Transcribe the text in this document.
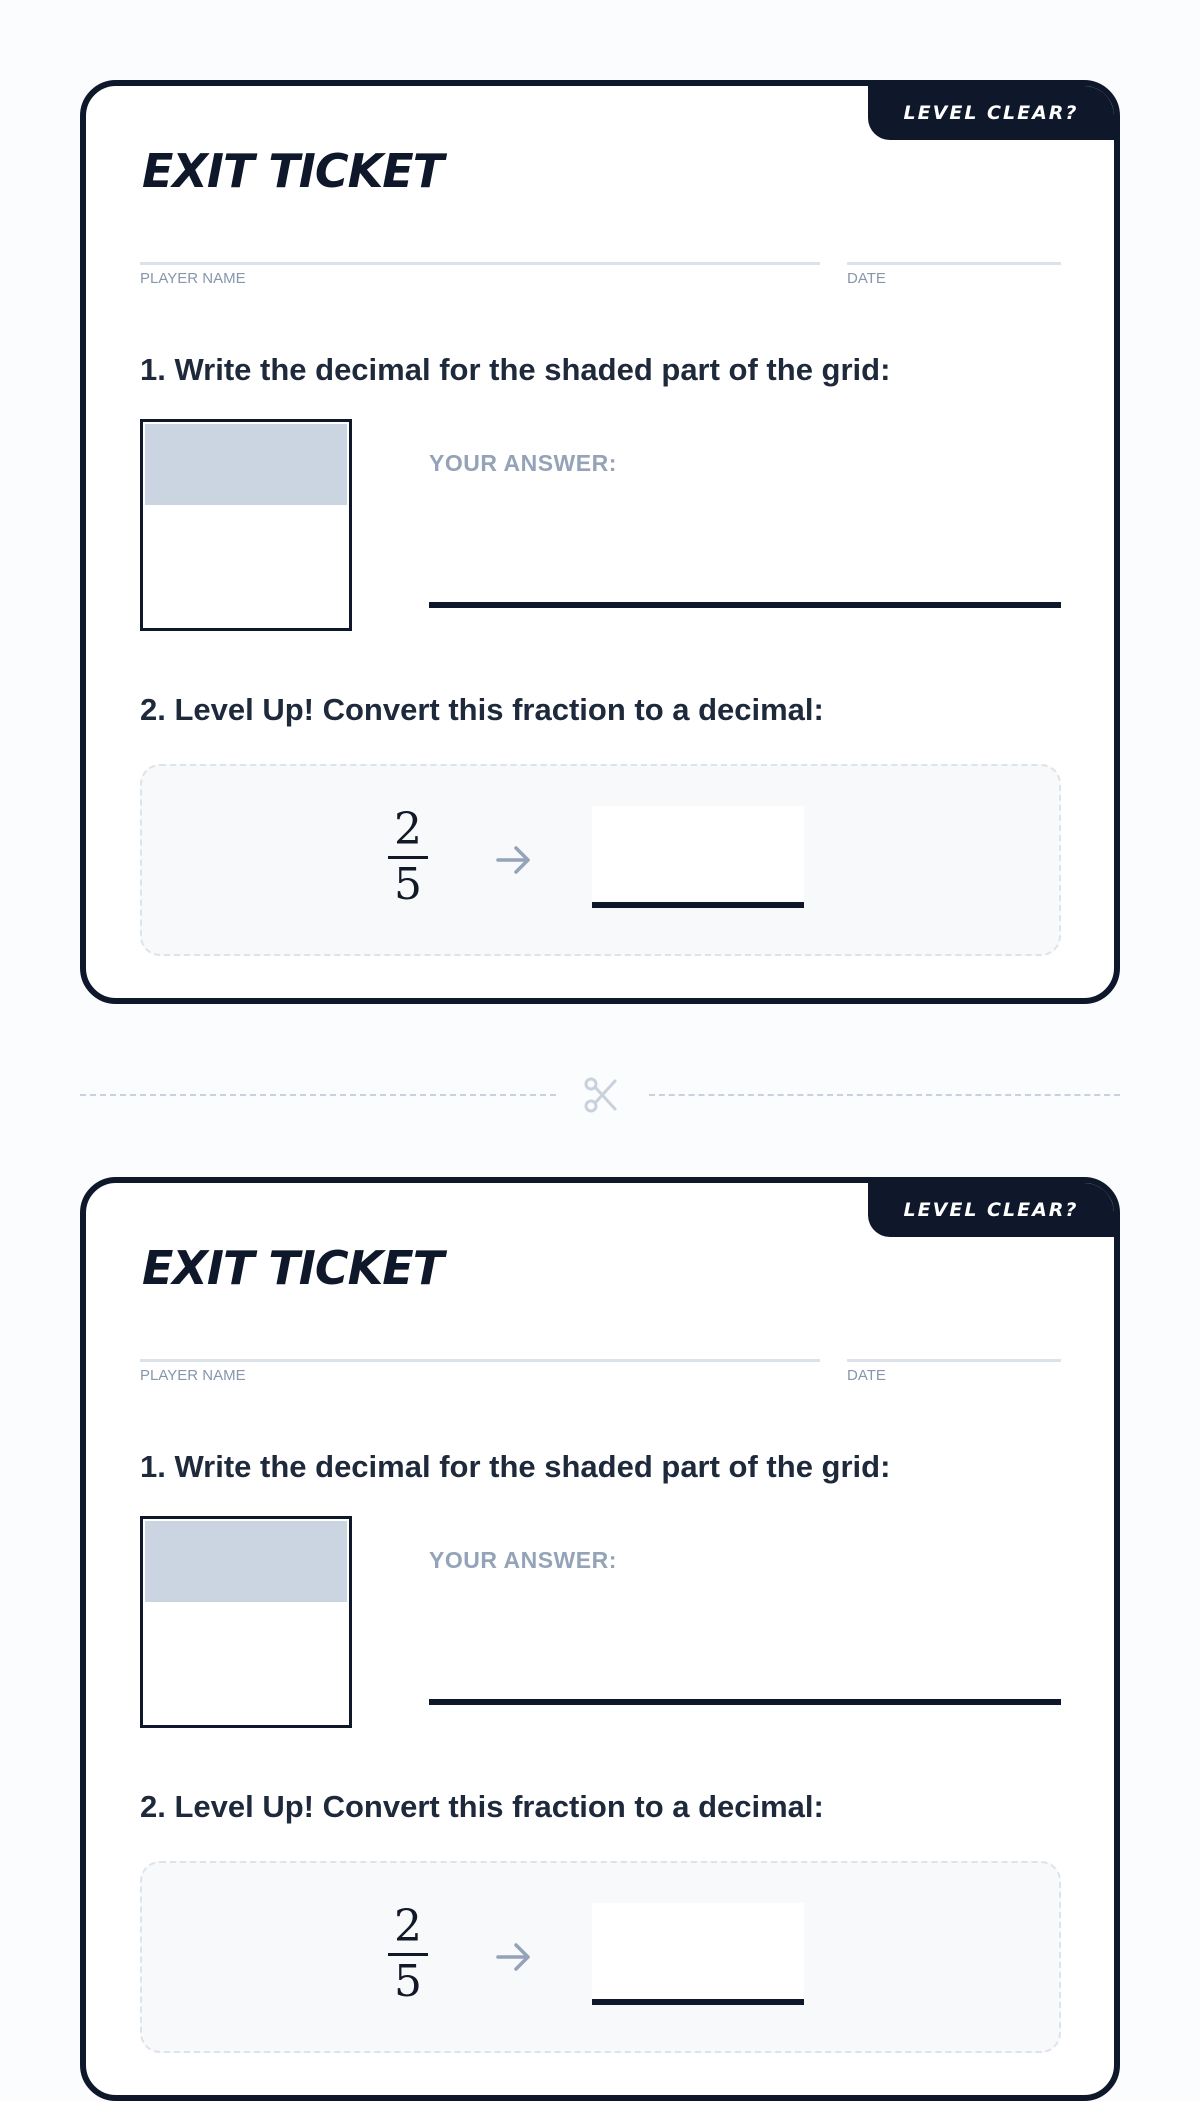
LEVEL CLEAR?
EXIT TICKET
PLAYER NAME	DATE

1. Write the decimal for the shaded part of the grid:

YOUR ANSWER:

2. Level Up! Convert this fraction to a decimal:

2
5
LEVEL CLEAR?
EXIT TICKET
PLAYER NAME	DATE

1. Write the decimal for the shaded part of the grid:

YOUR ANSWER:

2. Level Up! Convert this fraction to a decimal:

2
5
